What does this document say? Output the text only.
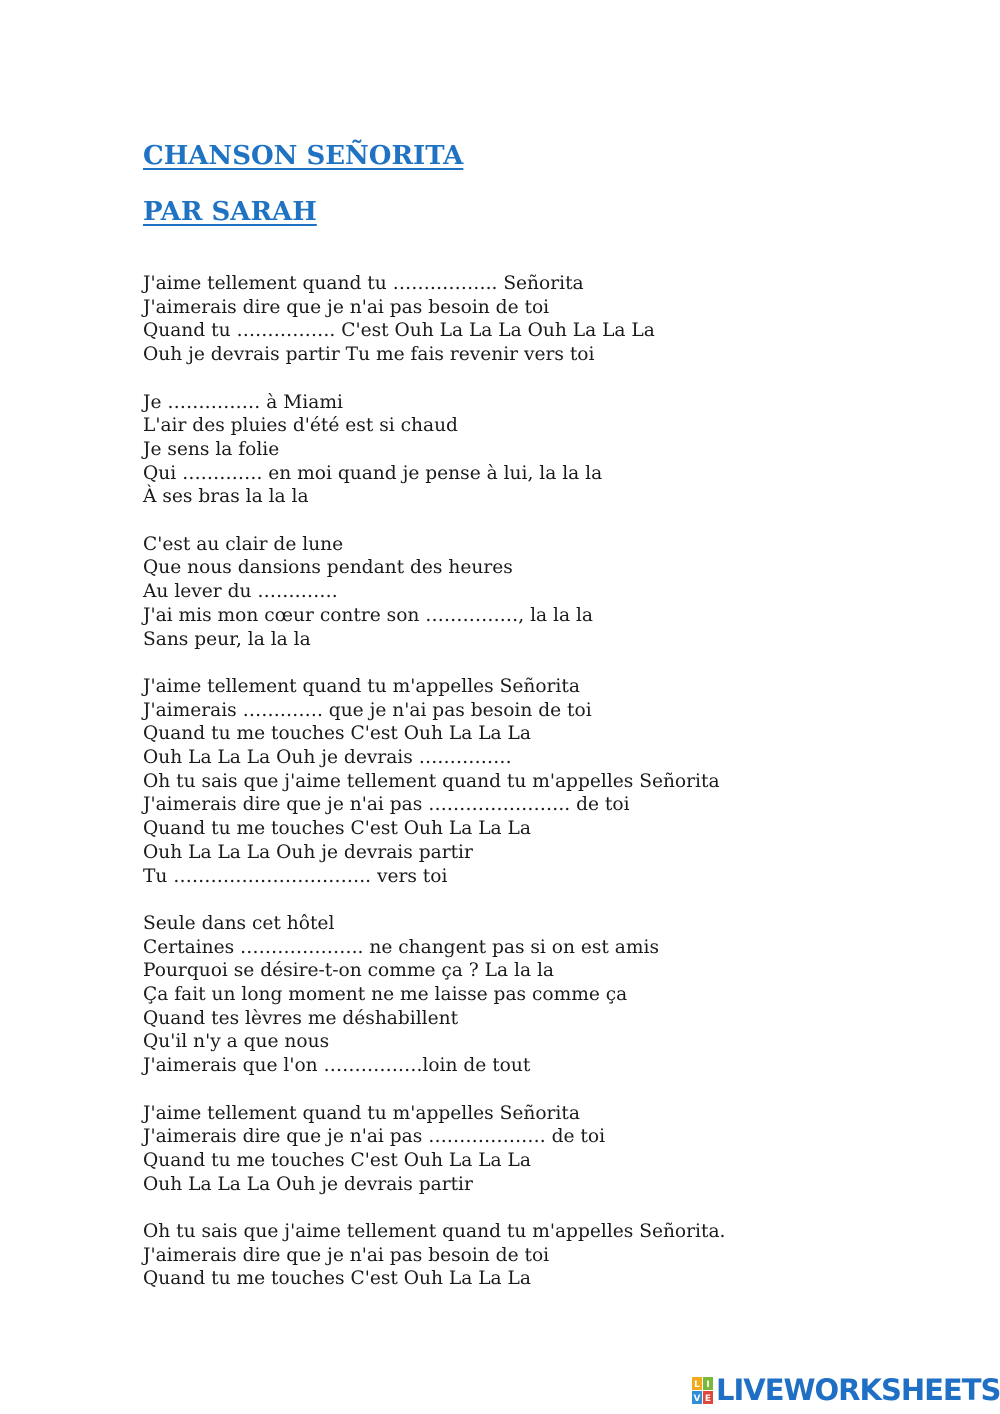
CHANSON SEÑORITA
PAR SARAH
J'aime tellement quand tu …………….. Señorita
J'aimerais dire que je n'ai pas besoin de toi
Quand tu ……………. C'est Ouh La La La Ouh La La La
Ouh je devrais partir Tu me fais revenir vers toi
Je …………… à Miami
L'air des pluies d'été est si chaud
Je sens la folie
Qui …………. en moi quand je pense à lui, la la la
À ses bras la la la
C'est au clair de lune
Que nous dansions pendant des heures
Au lever du ………….
J'ai mis mon cœur contre son ……………, la la la
Sans peur, la la la
J'aime tellement quand tu m'appelles Señorita
J'aimerais …………. que je n'ai pas besoin de toi
Quand tu me touches C'est Ouh La La La
Ouh La La La Ouh je devrais ……………
Oh tu sais que j'aime tellement quand tu m'appelles Señorita
J'aimerais dire que je n'ai pas ………………….. de toi
Quand tu me touches C'est Ouh La La La
Ouh La La La Ouh je devrais partir
Tu ………………………….. vers toi
Seule dans cet hôtel
Certaines ……………….. ne changent pas si on est amis
Pourquoi se désire-t-on comme ça ? La la la
Ça fait un long moment ne me laisse pas comme ça
Quand tes lèvres me déshabillent
Qu'il n'y a que nous
J'aimerais que l'on …………….loin de tout
J'aime tellement quand tu m'appelles Señorita
J'aimerais dire que je n'ai pas ………………. de toi
Quand tu me touches C'est Ouh La La La
Ouh La La La Ouh je devrais partir
Oh tu sais que j'aime tellement quand tu m'appelles Señorita.
J'aimerais dire que je n'ai pas besoin de toi
Quand tu me touches C'est Ouh La La La
L I
V E LIVEWORKSHEETS
